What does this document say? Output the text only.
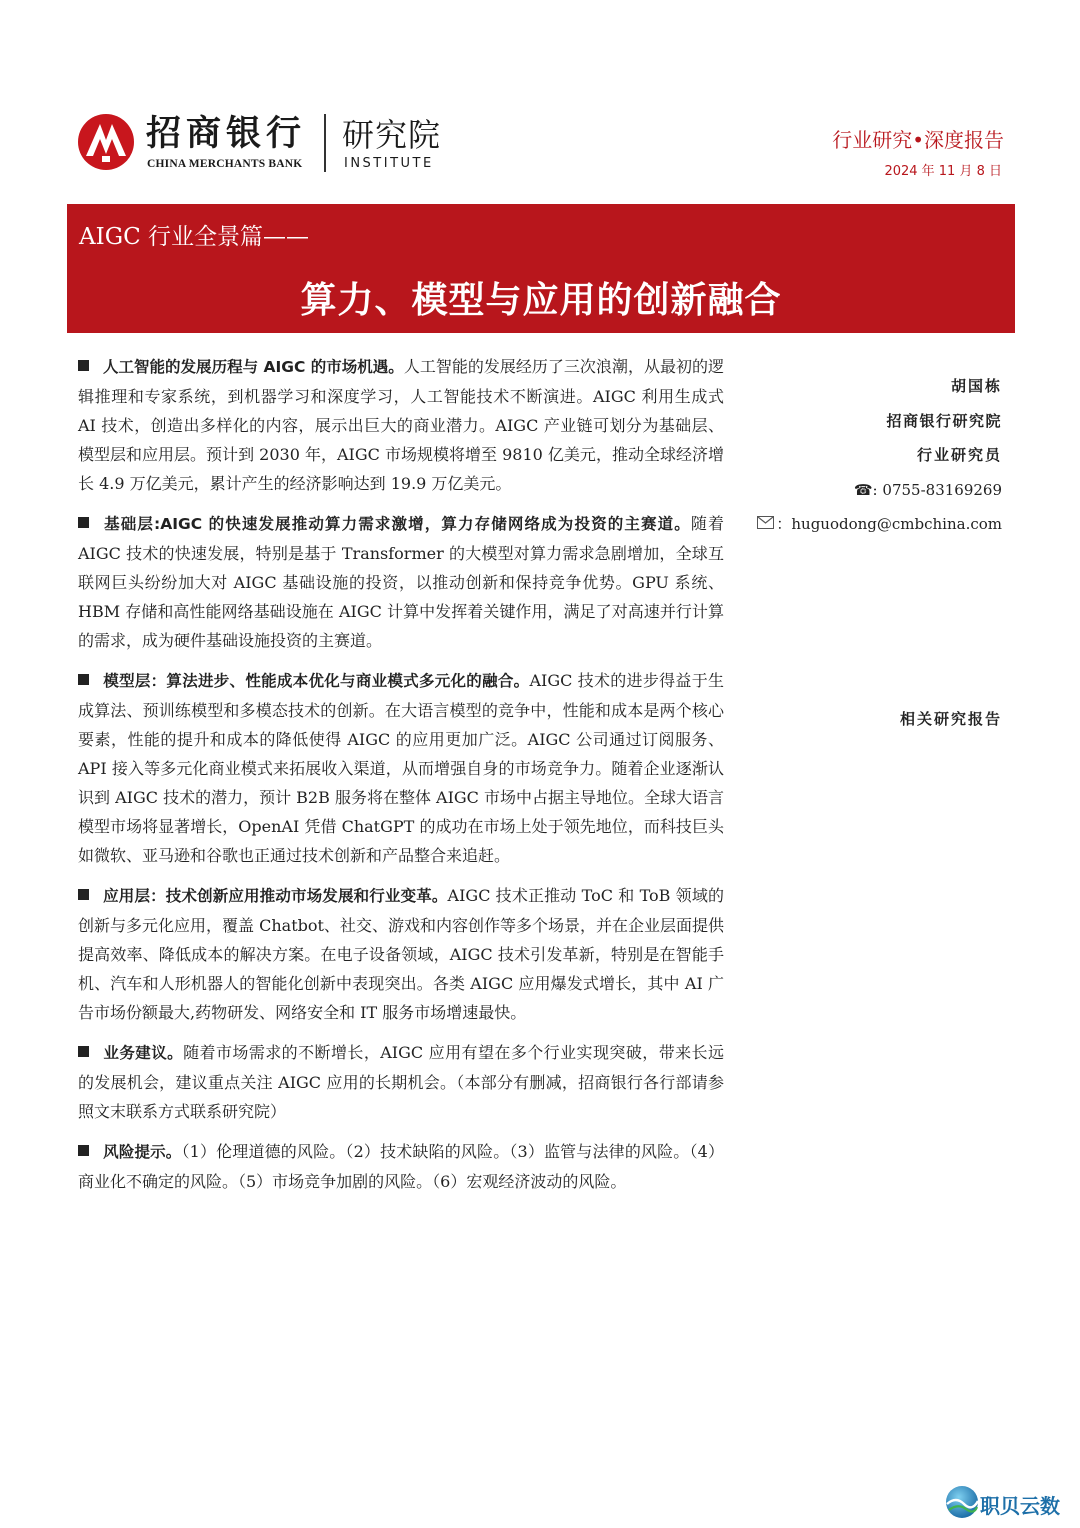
招商银行
CHINA MERCHANTS BANK
研究院
INSTITUTE
行业研究•深度报告
2024 年 11 月 8 日
AIGC 行业全景篇——
算力、模型与应用的创新融合

人工智能的发展历程与 AIGC 的市场机遇。人工智能的发展经历了三次浪潮，从最初的逻辑推理和专家系统，到机器学习和深度学习，人工智能技术不断演进。AIGC 利用生成式 AI 技术，创造出多样化的内容，展示出巨大的商业潜力。AIGC 产业链可划分为基础层、模型层和应用层。预计到 2030 年，AIGC 市场规模将增至 9810 亿美元，推动全球经济增长 4.9 万亿美元，累计产生的经济影响达到 19.9 万亿美元。

基础层:AIGC 的快速发展推动算力需求激增，算力存储网络成为投资的主赛道。随着 AIGC 技术的快速发展，特别是基于 Transformer 的大模型对算力需求急剧增加，全球互联网巨头纷纷加大对 AIGC 基础设施的投资，以推动创新和保持竞争优势。GPU 系统、HBM 存储和高性能网络基础设施在 AIGC 计算中发挥着关键作用，满足了对高速并行计算的需求，成为硬件基础设施投资的主赛道。

模型层：算法进步、性能成本优化与商业模式多元化的融合。AIGC 技术的进步得益于生成算法、预训练模型和多模态技术的创新。在大语言模型的竞争中，性能和成本是两个核心要素，性能的提升和成本的降低使得 AIGC 的应用更加广泛。AIGC 公司通过订阅服务、API 接入等多元化商业模式来拓展收入渠道，从而增强自身的市场竞争力。随着企业逐渐认识到 AIGC 技术的潜力，预计 B2B 服务将在整体 AIGC 市场中占据主导地位。全球大语言模型市场将显著增长，OpenAI 凭借 ChatGPT 的成功在市场上处于领先地位，而科技巨头如微软、亚马逊和谷歌也正通过技术创新和产品整合来追赶。

应用层：技术创新应用推动市场发展和行业变革。AIGC 技术正推动 ToC 和 ToB 领域的创新与多元化应用，覆盖 Chatbot、社交、游戏和内容创作等多个场景，并在企业层面提供提高效率、降低成本的解决方案。在电子设备领域，AIGC 技术引发革新，特别是在智能手机、汽车和人形机器人的智能化创新中表现突出。各类 AIGC 应用爆发式增长，其中 AI 广告市场份额最大,药物研发、网络安全和 IT 服务市场增速最快。

业务建议。随着市场需求的不断增长，AIGC 应用有望在多个行业实现突破，带来长远的发展机会，建议重点关注 AIGC 应用的长期机会。（本部分有删减，招商银行各行部请参照文末联系方式联系研究院）

风险提示。（1）伦理道德的风险。（2）技术缺陷的风险。（3）监管与法律的风险。（4）商业化不确定的风险。（5）市场竞争加剧的风险。（6）宏观经济波动的风险。

胡国栋
招商银行研究院
行业研究员
☎: 0755-83169269
：huguodong@cmbchina.com
相关研究报告
职贝云数
